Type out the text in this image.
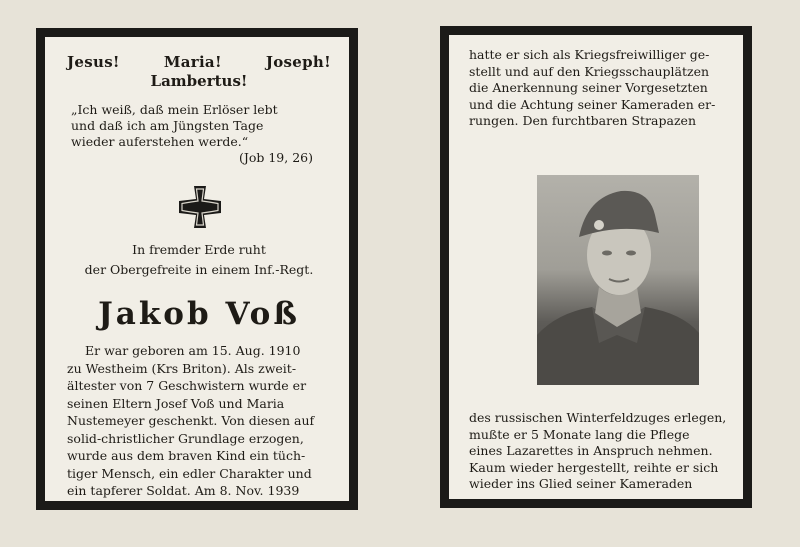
Jesus!	Maria!	Joseph!
Lambertus!
„Ich weiß, daß mein Erlöser lebt
und daß ich am Jüngsten Tage
wieder auferstehen werde.“
(Job 19, 26)
In fremder Erde ruht
der Obergefreite in einem Inf.-Regt.
Jakob Voß
Er war geboren am 15. Aug. 1910
zu Westheim (Krs Briton). Als zweit-
ältester von 7 Geschwistern wurde er
seinen Eltern Josef Voß und Maria
Nustemeyer geschenkt. Von diesen auf
solid-christlicher Grundlage erzogen,
wurde aus dem braven Kind ein tüch-
tiger Mensch, ein edler Charakter und
ein tapferer Soldat. Am 8. Nov. 1939
hatte er sich als Kriegsfreiwilliger ge-
stellt und auf den Kriegsschauplätzen
die Anerkennung seiner Vorgesetzten
und die Achtung seiner Kameraden er-
rungen. Den furchtbaren Strapazen
des russischen Winterfeldzuges erlegen,
mußte er 5 Monate lang die Pflege
eines Lazarettes in Anspruch nehmen.
Kaum wieder hergestellt, reihte er sich
wieder ins Glied seiner Kameraden
